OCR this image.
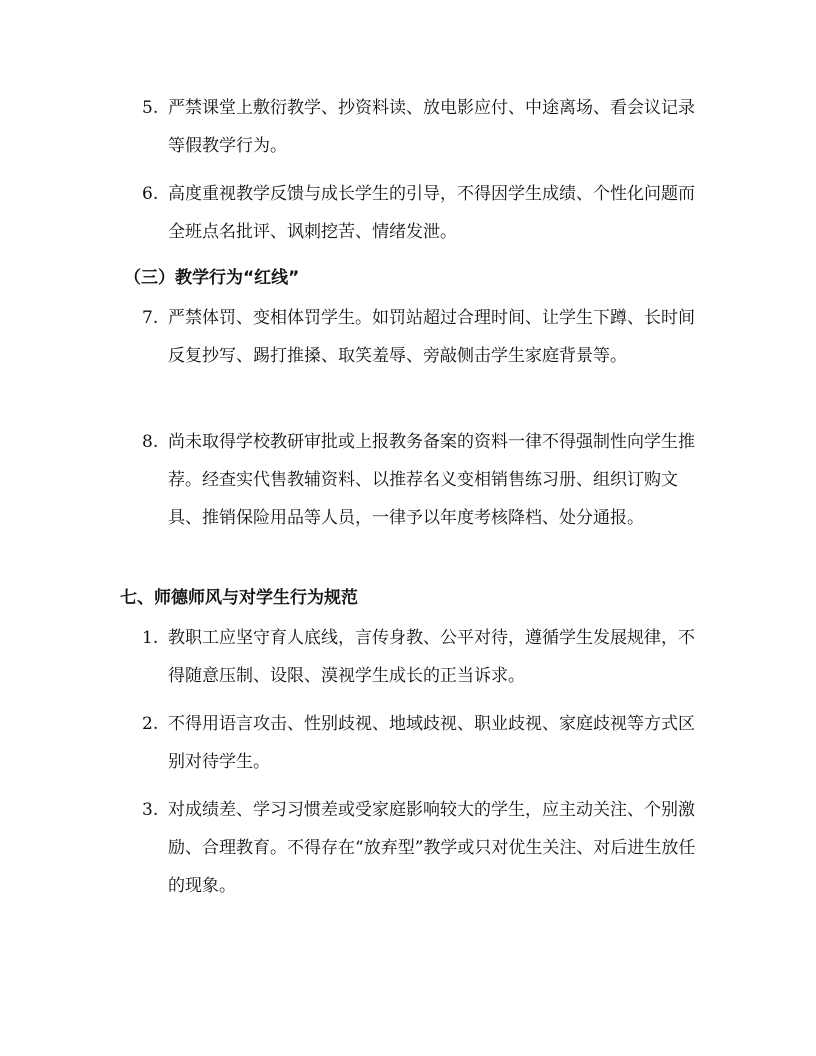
5. 严禁课堂上敷衍教学、抄资料读、放电影应付、中途离场、看会议记录等假教学行为。
6. 高度重视教学反馈与成长学生的引导，不得因学生成绩、个性化问题而全班点名批评、讽刺挖苦、情绪发泄。
（三）教学行为“红线”
7. 严禁体罚、变相体罚学生。如罚站超过合理时间、让学生下蹲、长时间反复抄写、踢打推搡、取笑羞辱、旁敲侧击学生家庭背景等。
8. 尚未取得学校教研审批或上报教务备案的资料一律不得强制性向学生推荐。经查实代售教辅资料、以推荐名义变相销售练习册、组织订购文具、推销保险用品等人员，一律予以年度考核降档、处分通报。
七、师德师风与对学生行为规范
1. 教职工应坚守育人底线，言传身教、公平对待，遵循学生发展规律，不得随意压制、设限、漠视学生成长的正当诉求。
2. 不得用语言攻击、性别歧视、地域歧视、职业歧视、家庭歧视等方式区别对待学生。
3. 对成绩差、学习习惯差或受家庭影响较大的学生，应主动关注、个别激励、合理教育。不得存在“放弃型”教学或只对优生关注、对后进生放任的现象。
